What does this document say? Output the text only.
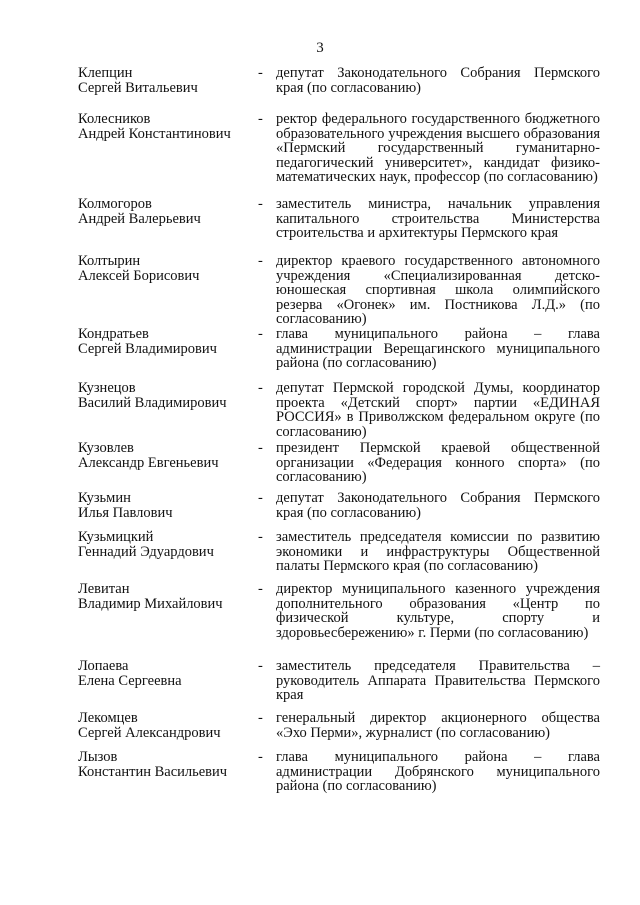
3
Клепцин
Сергей Витальевич
- депутат Законодательного Собрания Пермского края (по согласованию)
Колесников
Андрей Константинович
- ректор федерального государственного бюджетного образовательного учреждения высшего образования «Пермский государственный гуманитарно-педагогический университет», кандидат физико-математических наук, профессор (по согласованию)
Колмогоров
Андрей Валерьевич
- заместитель министра, начальник управления капитального строительства Министерства строительства и архитектуры Пермского края
Колтырин
Алексей Борисович
- директор краевого государственного автономного учреждения «Специализированная детско-юношеская спортивная школа олимпийского резерва «Огонек» им. Постникова Л.Д.» (по согласованию)
Кондратьев
Сергей Владимирович
- глава муниципального района – глава администрации Верещагинского муниципального района (по согласованию)
Кузнецов
Василий Владимирович
- депутат Пермской городской Думы, координатор проекта «Детский спорт» партии «ЕДИНАЯ РОССИЯ» в Приволжском федеральном округе (по согласованию)
Кузовлев
Александр Евгеньевич
- президент Пермской краевой общественной организации «Федерация конного спорта» (по согласованию)
Кузьмин
Илья Павлович
- депутат Законодательного Собрания Пермского края (по согласованию)
Кузьмицкий
Геннадий Эдуардович
- заместитель председателя комиссии по развитию экономики и инфраструктуры Общественной палаты Пермского края (по согласованию)
Левитан
Владимир Михайлович
- директор муниципального казенного учреждения дополнительного образования «Центр по физической культуре, спорту и здоровьесбережению» г. Перми (по согласованию)
Лопаева
Елена Сергеевна
- заместитель председателя Правительства – руководитель Аппарата Правительства Пермского края
Лекомцев
Сергей Александрович
- генеральный директор акционерного общества «Эхо Перми», журналист (по согласованию)
Лызов
Константин Васильевич
- глава муниципального района – глава администрации Добрянского муниципального района (по согласованию)
